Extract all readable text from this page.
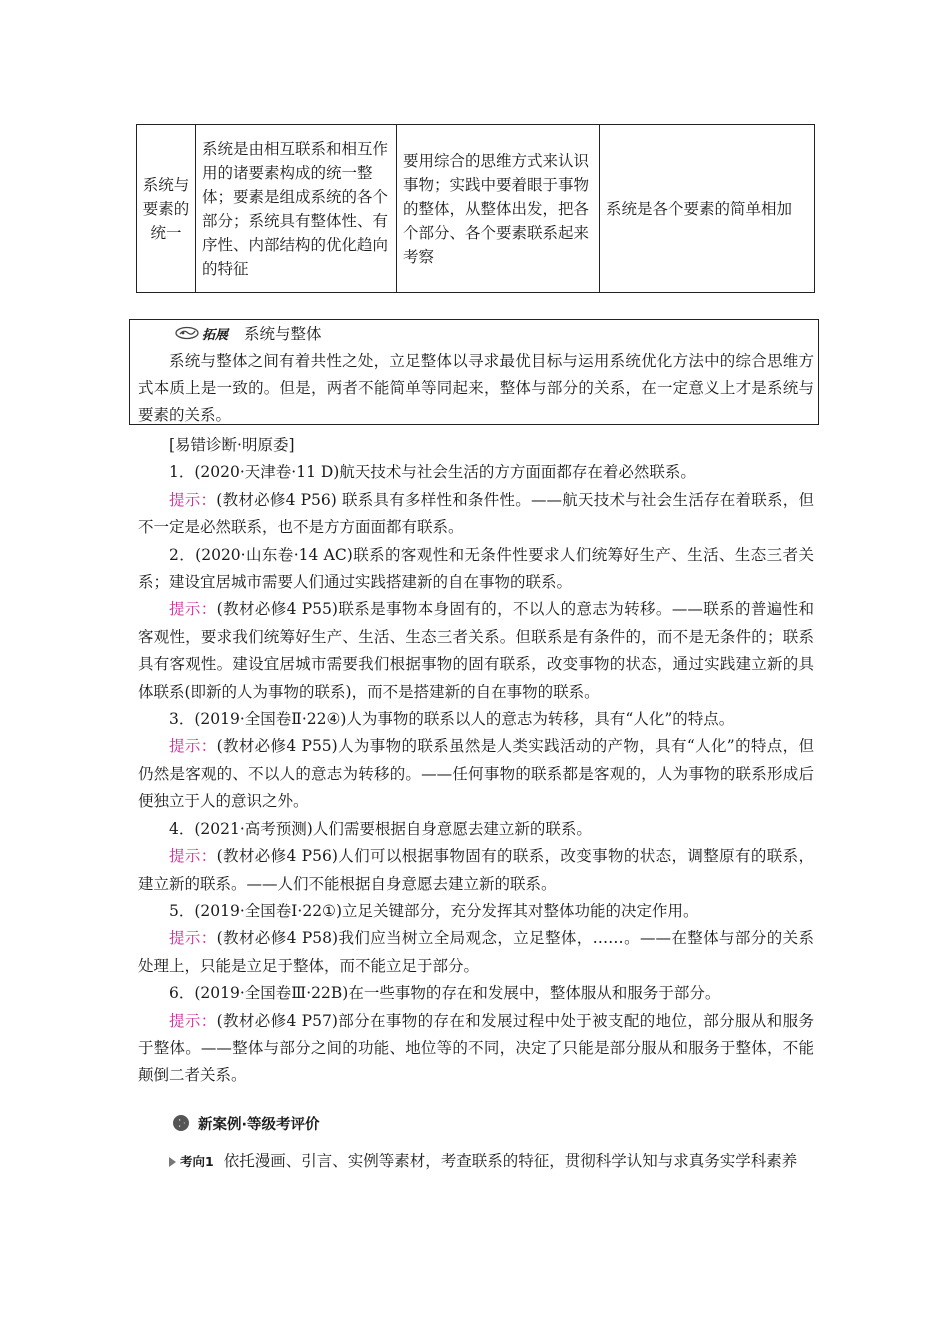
系统与要素的统一	系统是由相互联系和相互作用的诸要素构成的统一整体；要素是组成系统的各个部分；系统具有整体性、有序性、内部结构的优化趋向的特征	要用综合的思维方式来认识事物；实践中要着眼于事物的整体，从整体出发，把各个部分、各个要素联系起来考察	系统是各个要素的简单相加
拓展 系统与整体
系统与整体之间有着共性之处，立足整体以寻求最优目标与运用系统优化方法中的综合思维方式本质上是一致的。但是，两者不能简单等同起来，整体与部分的关系，在一定意义上才是系统与要素的关系。

[易错诊断·明原委]

1．(2020·天津卷·11 D)航天技术与社会生活的方方面面都存在着必然联系。

提示：(教材必修4 P56) 联系具有多样性和条件性。——航天技术与社会生活存在着联系，但不一定是必然联系，也不是方方面面都有联系。

2．(2020·山东卷·14 AC)联系的客观性和无条件性要求人们统筹好生产、生活、生态三者关系；建设宜居城市需要人们通过实践搭建新的自在事物的联系。

提示：(教材必修4 P55)联系是事物本身固有的，不以人的意志为转移。——联系的普遍性和客观性，要求我们统筹好生产、生活、生态三者关系。但联系是有条件的，而不是无条件的；联系具有客观性。建设宜居城市需要我们根据事物的固有联系，改变事物的状态，通过实践建立新的具体联系(即新的人为事物的联系)，而不是搭建新的自在事物的联系。

3．(2019·全国卷Ⅱ·22④)人为事物的联系以人的意志为转移，具有“人化”的特点。

提示：(教材必修4 P55)人为事物的联系虽然是人类实践活动的产物，具有“人化”的特点，但仍然是客观的、不以人的意志为转移的。——任何事物的联系都是客观的，人为事物的联系形成后便独立于人的意识之外。

4．(2021·高考预测)人们需要根据自身意愿去建立新的联系。

提示：(教材必修4 P56)人们可以根据事物固有的联系，改变事物的状态，调整原有的联系，建立新的联系。——人们不能根据自身意愿去建立新的联系。

5．(2019·全国卷Ⅰ·22①)立足关键部分，充分发挥其对整体功能的决定作用。

提示：(教材必修4 P58)我们应当树立全局观念，立足整体，……。——在整体与部分的关系处理上，只能是立足于整体，而不能立足于部分。

6．(2019·全国卷Ⅲ·22B)在一些事物的存在和发展中，整体服从和服务于部分。

提示：(教材必修4 P57)部分在事物的存在和发展过程中处于被支配的地位，部分服从和服务于整体。——整体与部分之间的功能、地位等的不同，决定了只能是部分服从和服务于整体，不能颠倒二者关系。

新案例·等级考评价

考向1 依托漫画、引言、实例等素材，考查联系的特征，贯彻科学认知与求真务实学科素养
